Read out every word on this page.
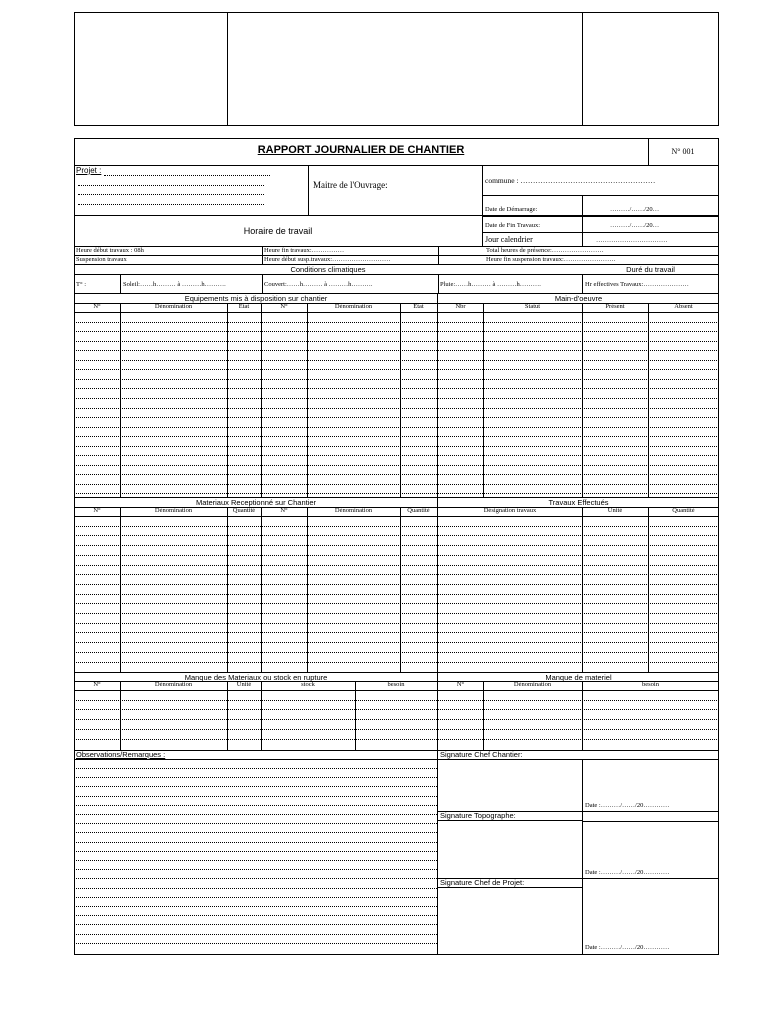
RAPPORT JOURNALIER DE CHANTIER	N° 001
Projet :
Maitre de l'Ouvrage:	commune : ………………………………………………
Date de Démarrage:	………/……/20…
Date de Fin Travaux:	………/……/20…
Horaire de travail
Jour calendrier	……………………………
Heure début travaux : 08h	Heure fin travaux:……………	Total heures de présence:……………………
Suspension travaux	Heure début susp.travaux:………………………	Heure fin suspension travaux:……………………
Conditions climatiques	Duré du travail
T° :	Soleil:……h……… à ………h……….	Couvert:……h……… à ………h……….	Pluie:……h……… à ………h……….	Hr effectives Travaux:…………………
Equipements mis à disposition sur chantier	Main-d'oeuvre
Materiaux Receptionné sur Chantier	Travaux Effectués
Manque des Materiaux ou stock en rupture	Manque de materiel
Observations/Remarques :	Signature Chef Chantier:
Date :………/……/20…………
Signature Topographe:
Date :………/……/20…………
Signature Chef de Projet:
Date :………/……/20…………
N°	Dénomination	Etat	N°	Dénomination	Etat	Nbr	Statut	Présent	Absent
N°	Dénomination	Quantité	N°	Dénomination	Quantité	Désignation travaux	Unité	Quantité
N°	Dénomination	Unité	stock	besoin	N°	Dénomination	besoin
